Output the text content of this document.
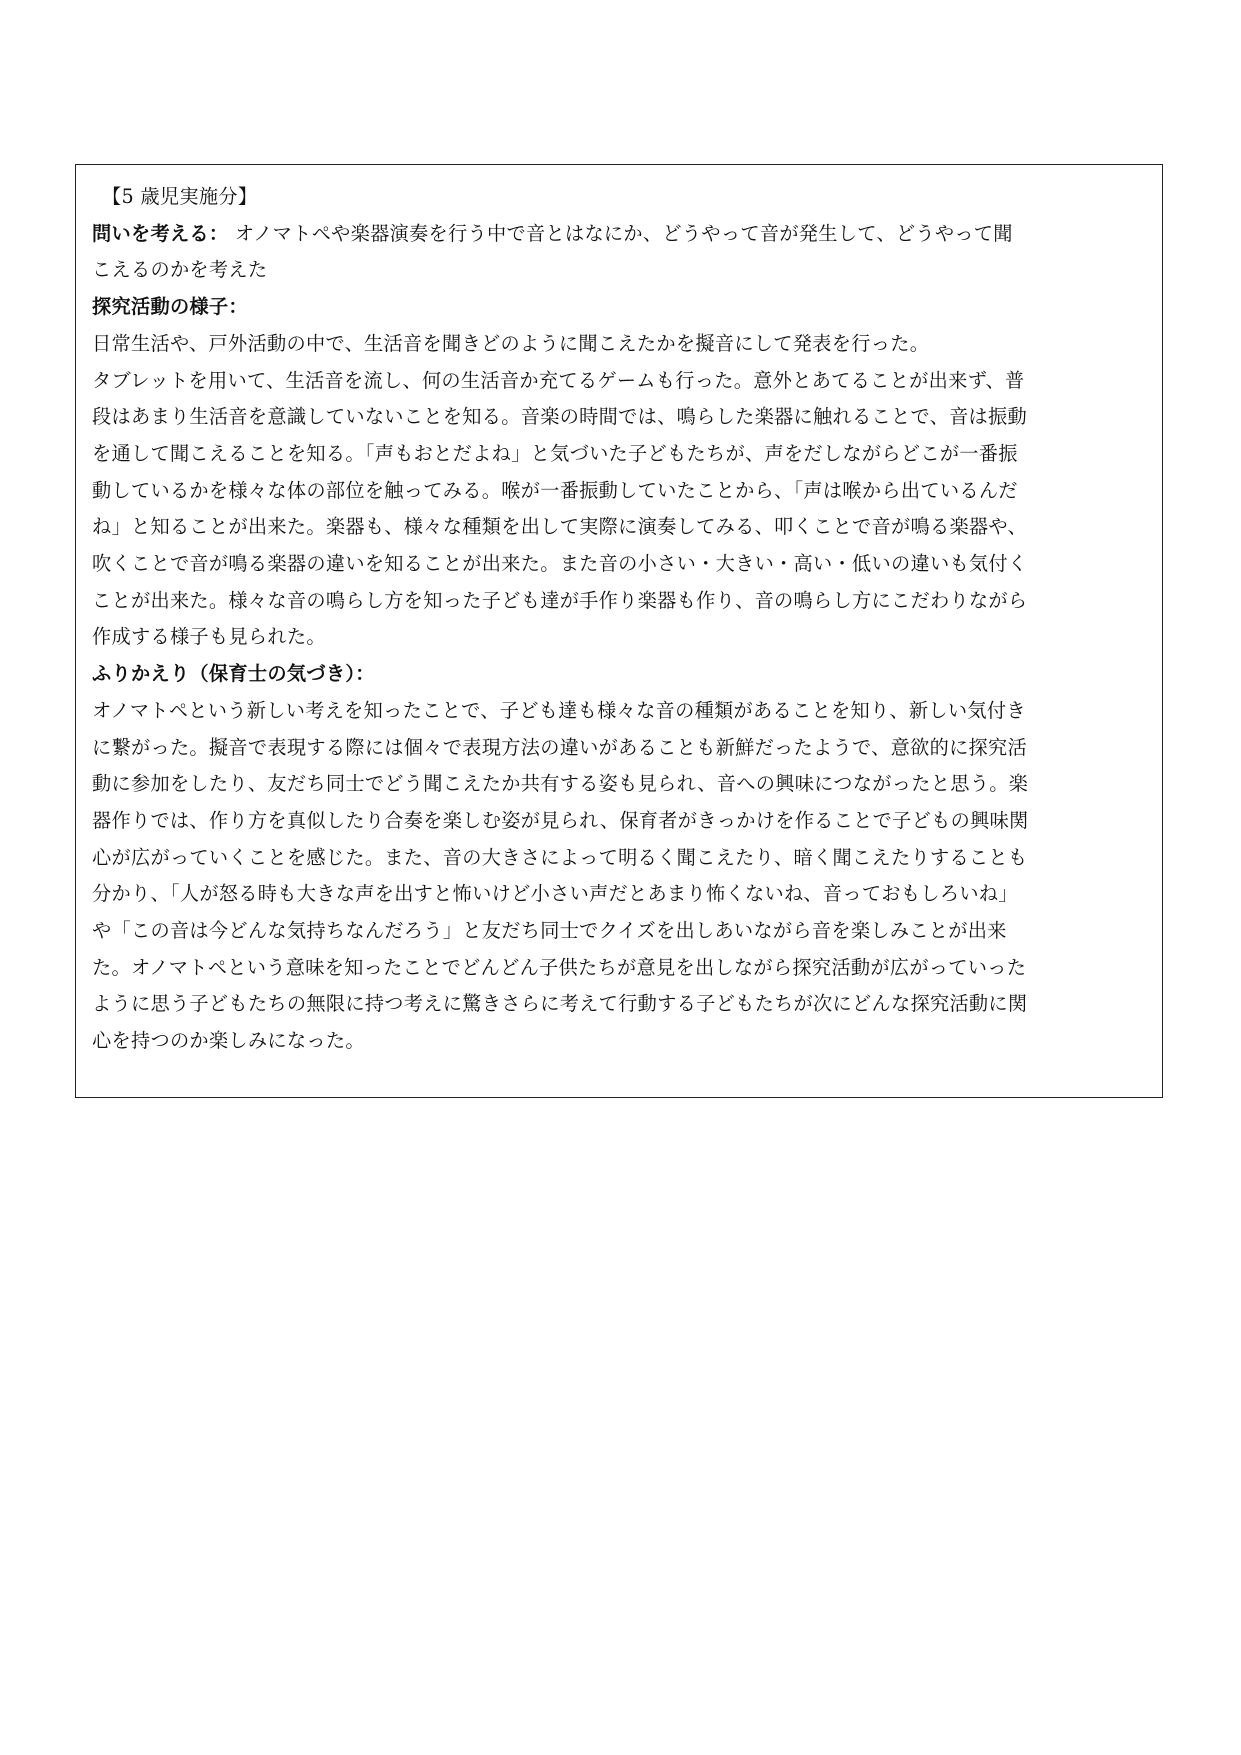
【5 歳児実施分】
問いを考える： オノマトペや楽器演奏を行う中で音とはなにか、どうやって音が発生して、どうやって聞
こえるのかを考えた
探究活動の様子：
日常生活や、戸外活動の中で、生活音を聞きどのように聞こえたかを擬音にして発表を行った。
タブレットを用いて、生活音を流し、何の生活音か充てるゲームも行った。意外とあてることが出来ず、普
段はあまり生活音を意識していないことを知る。音楽の時間では、鳴らした楽器に触れることで、音は振動
を通して聞こえることを知る。「声もおとだよね」と気づいた子どもたちが、声をだしながらどこが一番振
動しているかを様々な体の部位を触ってみる。喉が一番振動していたことから、「声は喉から出ているんだ
ね」と知ることが出来た。楽器も、様々な種類を出して実際に演奏してみる、叩くことで音が鳴る楽器や、
吹くことで音が鳴る楽器の違いを知ることが出来た。また音の小さい・大きい・高い・低いの違いも気付く
ことが出来た。様々な音の鳴らし方を知った子ども達が手作り楽器も作り、音の鳴らし方にこだわりながら
作成する様子も見られた。
ふりかえり（保育士の気づき）：
オノマトペという新しい考えを知ったことで、子ども達も様々な音の種類があることを知り、新しい気付き
に繋がった。擬音で表現する際には個々で表現方法の違いがあることも新鮮だったようで、意欲的に探究活
動に参加をしたり、友だち同士でどう聞こえたか共有する姿も見られ、音への興味につながったと思う。楽
器作りでは、作り方を真似したり合奏を楽しむ姿が見られ、保育者がきっかけを作ることで子どもの興味関
心が広がっていくことを感じた。また、音の大きさによって明るく聞こえたり、暗く聞こえたりすることも
分かり、「人が怒る時も大きな声を出すと怖いけど小さい声だとあまり怖くないね、音っておもしろいね」
や「この音は今どんな気持ちなんだろう」と友だち同士でクイズを出しあいながら音を楽しみことが出来
た。オノマトペという意味を知ったことでどんどん子供たちが意見を出しながら探究活動が広がっていった
ように思う子どもたちの無限に持つ考えに驚きさらに考えて行動する子どもたちが次にどんな探究活動に関
心を持つのか楽しみになった。
